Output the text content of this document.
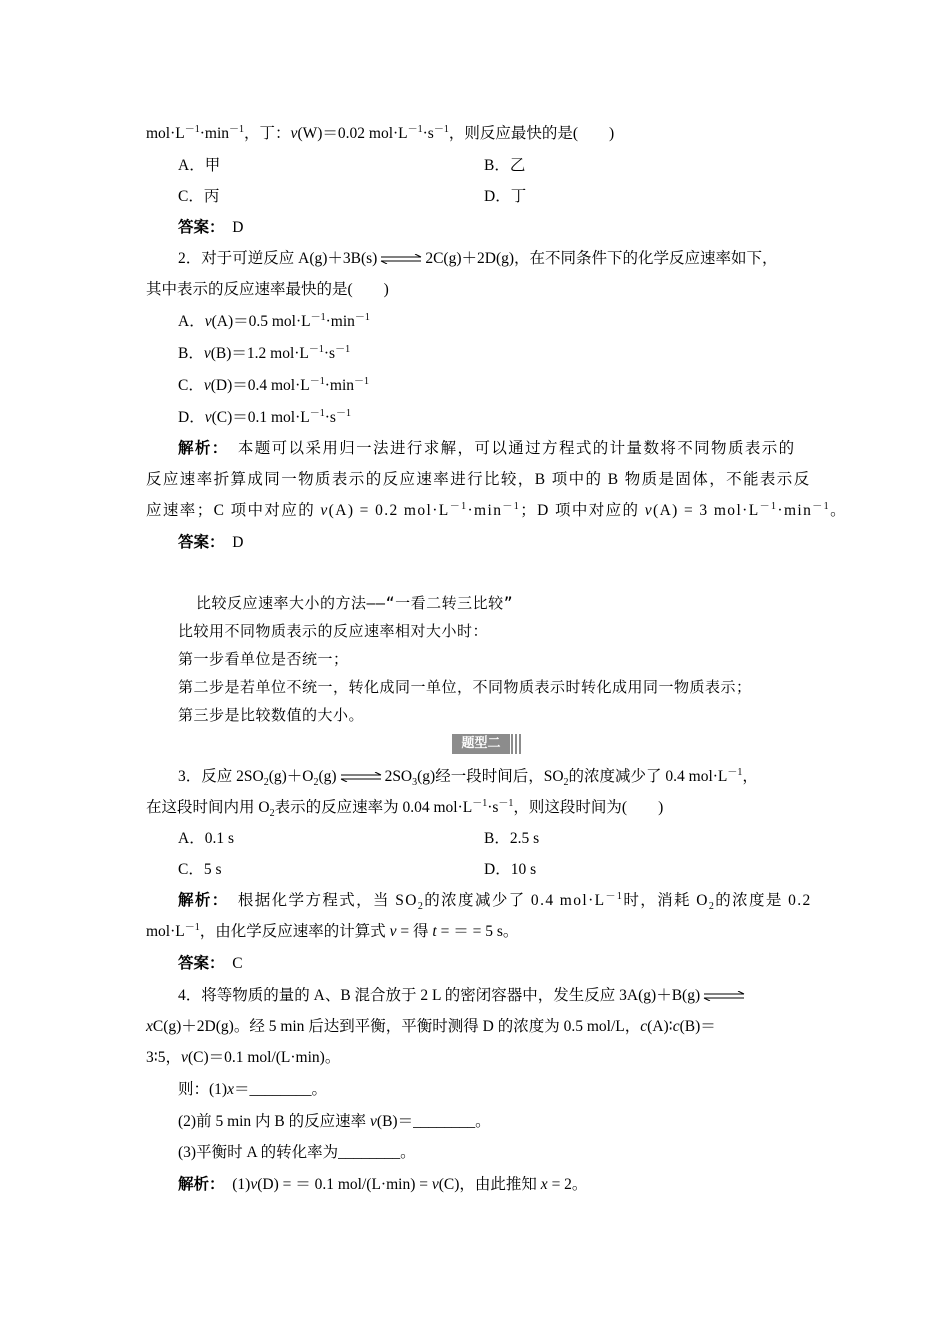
$mol\cdot L^{-1}\cdot\min^{-1}$，丁：v(W)＝0.02 $mol\cdot L^{-1}\cdot s^{-1}$，则反应最快的是(　　)
A．甲	B．乙
C．丙	D．丁
答案：　 D
2．对于可逆反应 A(g)＋3B(s) ⇌ 2C(g)＋2D(g)，在不同条件下的化学反应速率如下，
其中表示的反应速率最快的是(　　)
A．v(A)＝0.5 $mol\cdot L^{-1}\cdot\min^{-1}$
B．v(B)＝1.2 $mol\cdot L^{-1}\cdot s^{-1}$
C．v(D)＝0.4 $mol\cdot L^{-1}\cdot\min^{-1}$
D．v(C)＝0.1 $mol\cdot L^{-1}\cdot s^{-1}$
解析：　本题可以采用归一法进行求解，可以通过方程式的计量数将不同物质表示的
反应速率折算成同一物质表示的反应速率进行比较，B 项中的 B 物质是固体，不能表示反
应速率；C 项中对应的 v(A) = 0.2 $mol\cdot L^{-1}\cdot\min^{-1}$；D 项中对应的 v(A) = 3 $mol\cdot L^{-1}\cdot\min^{-1}$。
答案：　 D
比较反应速率大小的方法——“一看二转三比较”
比较用不同物质表示的反应速率相对大小时：
第一步看单位是否统一；
第二步是若单位不统一，转化成同一单位，不同物质表示时转化成用同一物质表示；
第三步是比较数值的大小。
题型二
3．反应 $2SO_2(g)+O_2(g)$ ⇌ $2SO_3(g)$经一段时间后，$SO_2$的浓度减少了 0.4 $mol\cdot L^{-1}$，
在这段时间内用 $O_2$表示的反应速率为 0.04 $mol\cdot L^{-1}\cdot s^{-1}$，则这段时间为(　　)
A．0.1 s	B．2.5 s
C．5 s	D．10 s
解析：　根据化学方程式，当 $SO_2$的浓度减少了 0.4 $mol\cdot L^{-1}$时，消耗 $O_2$的浓度是 0.2
$mol\cdot L^{-1}$，由化学反应速率的计算式 v = 得 t = ＝ = 5 s。
答案：　 C
4．将等物质的量的 A、B 混合放于 2 L 的密闭容器中，发生反应 3A(g)＋B(g) ⇌
xC(g)＋2D(g)。经 5 min 后达到平衡，平衡时测得 D 的浓度为 0.5 mol/L，c(A)∶c(B)＝
3∶5，v(C)＝0.1 mol/(L·min)。
则：(1)x＝________。
(2)前 5 min 内 B 的反应速率 v(B)＝________。
(3)平衡时 A 的转化率为________。
解析：　(1)v(D) = ＝ 0.1 mol/(L·min) = v(C)，由此推知 x = 2。
